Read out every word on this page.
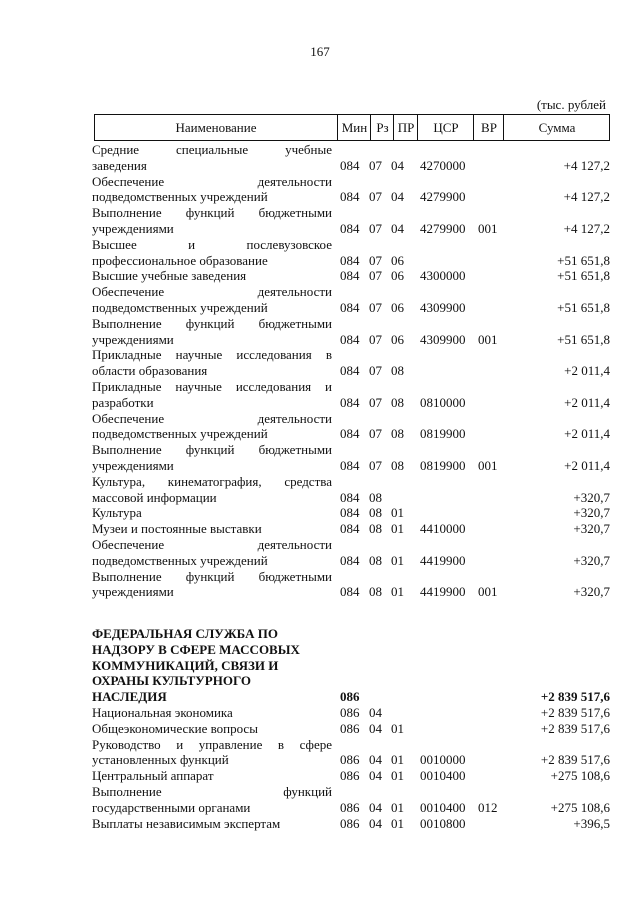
167
(тыс. рублей
Наименование	Мин Рз ПР	ЦСР	ВР	Сумма
Средние специальные учебные
заведения	084 07 04 4270000	+4 127,2
Обеспечение деятельности
подведомственных учреждений	084 07 04 4279900	+4 127,2
Выполнение функций бюджетными
учреждениями	084 07 04 4279900 001	+4 127,2
Высшее и послевузовское
профессиональное образование	084 07 06	+51 651,8
Высшие учебные заведения	084 07 06 4300000	+51 651,8
Обеспечение деятельности
подведомственных учреждений	084 07 06 4309900	+51 651,8
Выполнение функций бюджетными
учреждениями	084 07 06 4309900 001	+51 651,8
Прикладные научные исследования в
области образования	084 07 08	+2 011,4
Прикладные научные исследования и
разработки	084 07 08 0810000	+2 011,4
Обеспечение деятельности
подведомственных учреждений	084 07 08 0819900	+2 011,4
Выполнение функций бюджетными
учреждениями	084 07 08 0819900 001	+2 011,4
Культура, кинематография, средства
массовой информации	084 08	+320,7
Культура	084 08 01	+320,7
Музеи и постоянные выставки	084 08 01 4410000	+320,7
Обеспечение деятельности
подведомственных учреждений	084 08 01 4419900	+320,7
Выполнение функций бюджетными
учреждениями	084 08 01 4419900 001	+320,7
ФЕДЕРАЛЬНАЯ СЛУЖБА ПО
НАДЗОРУ В СФЕРЕ МАССОВЫХ
КОММУНИКАЦИЙ, СВЯЗИ И
ОХРАНЫ КУЛЬТУРНОГО
НАСЛЕДИЯ	086	+2 839 517,6
Национальная экономика	086 04	+2 839 517,6
Общеэкономические вопросы	086 04 01	+2 839 517,6
Руководство и управление в сфере
установленных функций	086 04 01 0010000	+2 839 517,6
Центральный аппарат	086 04 01 0010400	+275 108,6
Выполнение функций
государственными органами	086 04 01 0010400 012	+275 108,6
Выплаты независимым экспертам	086 04 01 0010800	+396,5
